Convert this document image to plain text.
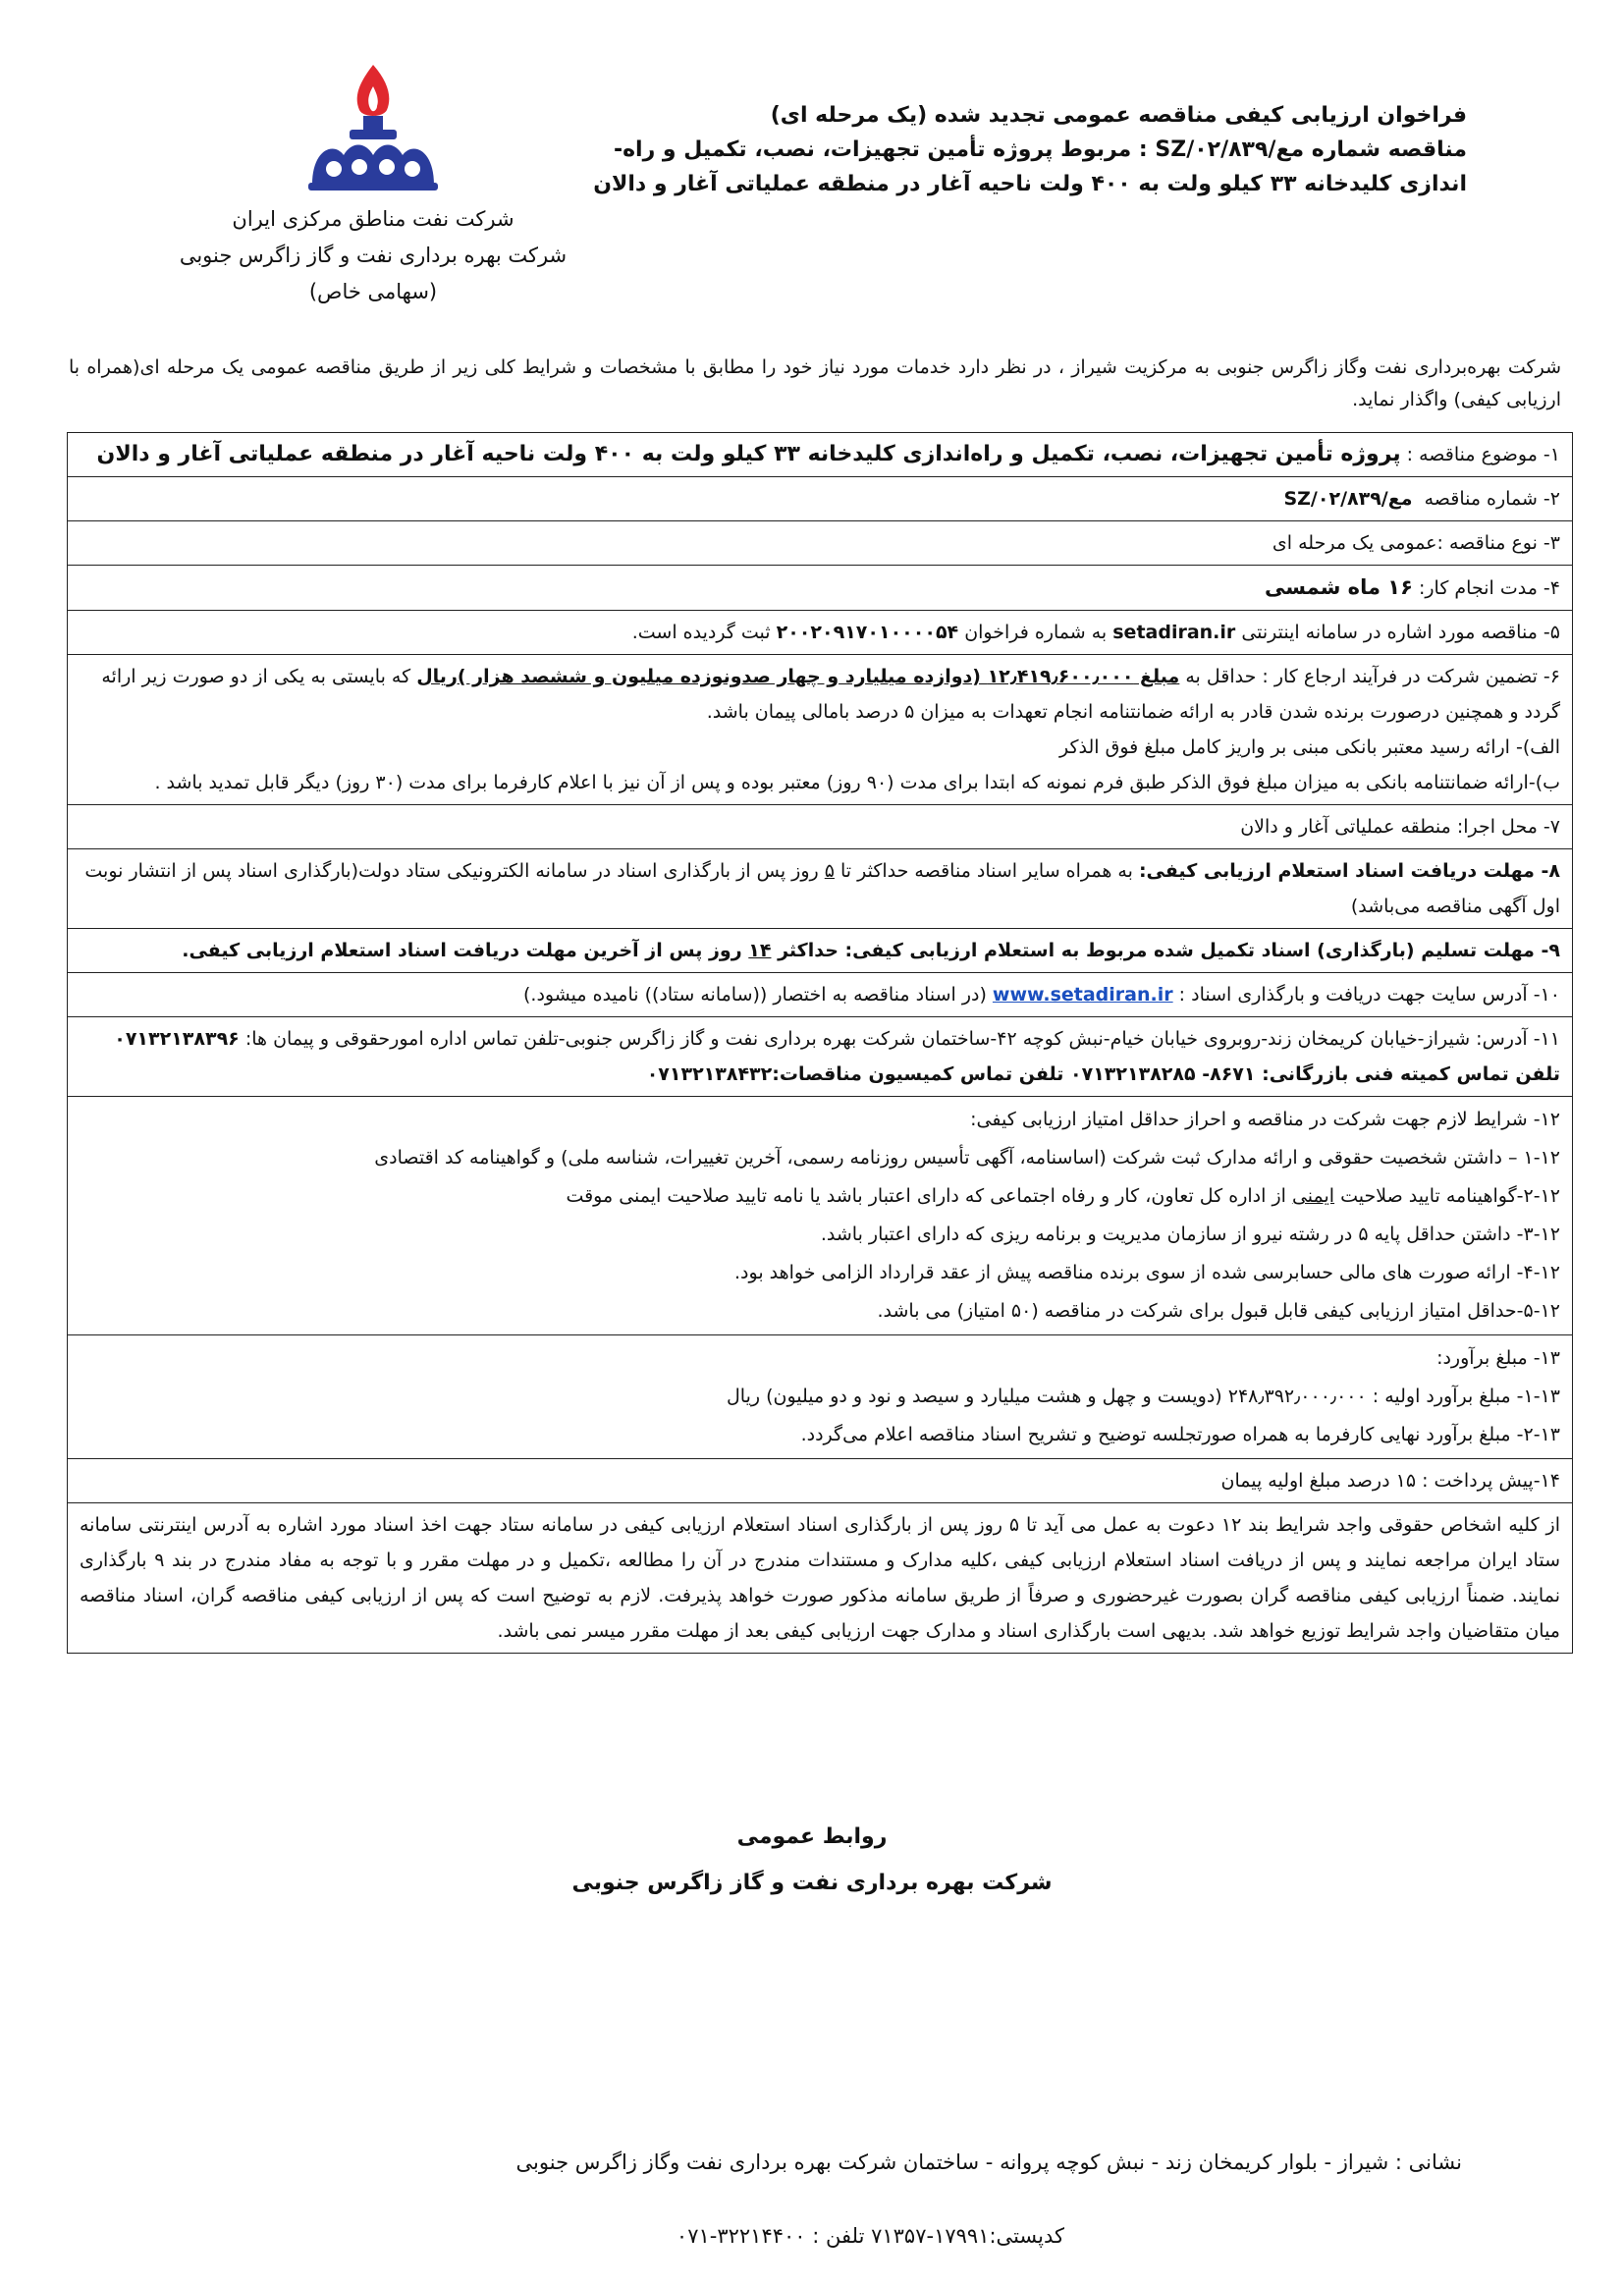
شرکت نفت مناطق مرکزی ایران
شرکت بهره برداری نفت و گاز زاگرس جنوبی
(سهامی خاص)
فراخوان ارزیابی کیفی مناقصه عمومی تجدید شده (یک مرحله ای)
مناقصه شماره مع/SZ/۰۲/۸۳۹ : مربوط پروژه تأمین تجهیزات، نصب، تکمیل و راه-
اندازی کلیدخانه ۳۳ کیلو ولت به ۴۰۰ ولت ناحیه آغار در منطقه عملیاتی آغار و دالان
شرکت بهره‌برداری نفت وگاز زاگرس جنوبی به مرکزیت شیراز ، در نظر دارد خدمات مورد نیاز خود را مطابق با مشخصات و شرایط کلی زیر از طریق مناقصه عمومی یک مرحله ای(همراه با ارزیابی کیفی) واگذار نماید.
۱- موضوع مناقصه : پروژه تأمین تجهیزات، نصب، تکمیل و راه‌اندازی کلیدخانه ۳۳ کیلو ولت به ۴۰۰ ولت ناحیه آغار در منطقه عملیاتی آغار و دالان
۲- شماره مناقصه  مع/SZ/۰۲/۸۳۹
۳- نوع مناقصه :عمومی یک مرحله ای
۴- مدت انجام کار: ۱۶ ماه شمسی
۵- مناقصه مورد اشاره در سامانه اینترنتی setadiran.ir به شماره فراخوان ۲۰۰۲۰۹۱۷۰۱۰۰۰۰۵۴ ثبت گردیده است.
۶- تضمین شرکت در فرآیند ارجاع کار : حداقل به مبلغ ۱۲٫۴۱۹٫۶۰۰٫۰۰۰ (دوازده میلیارد و چهار صدونوزده میلیون و ششصد هزار )ریال که بایستی به یکی از دو صورت زیر ارائه گردد و همچنین درصورت برنده شدن قادر به ارائه ضمانتنامه انجام تعهدات به میزان ۵ درصد بامالی پیمان باشد.
الف)- ارائه رسید معتبر بانکی مبنی بر واریز کامل مبلغ فوق الذکر
ب)-ارائه ضمانتنامه بانکی به میزان مبلغ فوق الذکر طبق فرم نمونه که ابتدا برای مدت (۹۰ روز) معتبر بوده و پس از آن نیز با اعلام کارفرما برای مدت (۳۰ روز) دیگر قابل تمدید باشد .

۷- محل اجرا: منطقه عملیاتی آغار و دالان
۸- مهلت دریافت اسناد استعلام ارزیابی کیفی: به همراه سایر اسناد مناقصه حداکثر تا ۵ روز پس از بارگذاری اسناد در سامانه الکترونیکی ستاد دولت(بارگذاری اسناد پس از انتشار نوبت اول آگهی مناقصه می‌باشد)
۹- مهلت تسلیم (بارگذاری) اسناد تکمیل شده مربوط به استعلام ارزیابی کیفی: حداکثر ۱۴ روز پس از آخرین مهلت دریافت اسناد استعلام ارزیابی کیفی.
۱۰- آدرس سایت جهت دریافت و بارگذاری اسناد : www.setadiran.ir (در اسناد مناقصه به اختصار ((سامانه ستاد)) نامیده میشود.)
۱۱- آدرس: شیراز-خیابان کریمخان زند-روبروی خیابان خیام-نبش کوچه ۴۲-ساختمان شرکت بهره برداری نفت و گاز زاگرس جنوبی-تلفن تماس اداره امورحقوقی و پیمان ها: ۰۷۱۳۲۱۳۸۳۹۶ تلفن تماس کمیته فنی بازرگانی: ۸۶۷۱- ۰۷۱۳۲۱۳۸۲۸۵ تلفن تماس کمیسیون مناقصات:۰۷۱۳۲۱۳۸۴۳۲

۱۲- شرایط لازم جهت شرکت در مناقصه و احراز حداقل امتیاز ارزیابی کیفی:
۱-۱۲ – داشتن شخصیت حقوقی و ارائه مدارک ثبت شرکت (اساسنامه، آگهی تأسیس روزنامه رسمی، آخرین تغییرات، شناسه ملی) و گواهینامه کد اقتصادی
۲-۱۲-گواهینامه تایید صلاحیت ایمنی از اداره کل تعاون، کار و رفاه اجتماعی که دارای اعتبار باشد یا نامه تایید صلاحیت ایمنی موقت
۳-۱۲- داشتن حداقل پایه ۵ در رشته نیرو از سازمان مدیریت و برنامه ریزی که دارای اعتبار باشد.
۴-۱۲- ارائه صورت های مالی حسابرسی شده از سوی برنده مناقصه پیش از عقد قرارداد الزامی خواهد بود.
۵-۱۲-حداقل امتیاز ارزیابی کیفی قابل قبول برای شرکت در مناقصه (۵۰ امتیاز) می باشد.

۱۳- مبلغ برآورد:
۱-۱۳- مبلغ برآورد اولیه : ۲۴۸٫۳۹۲٫۰۰۰٫۰۰۰ (دویست و چهل و هشت میلیارد و سیصد و نود و دو میلیون) ریال
۲-۱۳- مبلغ برآورد نهایی کارفرما به همراه صورتجلسه توضیح و تشریح اسناد مناقصه اعلام می‌گردد.

۱۴-پیش پرداخت : ۱۵ درصد مبلغ اولیه پیمان
از کلیه اشخاص حقوقی واجد شرایط بند ۱۲ دعوت به عمل می آید تا ۵ روز پس از بارگذاری اسناد استعلام ارزیابی کیفی در سامانه ستاد جهت اخذ اسناد مورد اشاره به آدرس اینترنتی سامانه ستاد ایران مراجعه نمایند و پس از دریافت اسناد استعلام ارزیابی کیفی ،کلیه مدارک و مستندات مندرج در آن را مطالعه ،تکمیل و در مهلت مقرر و با توجه به مفاد مندرج در بند ۹ بارگذاری نمایند. ضمناً ارزیابی کیفی مناقصه گران بصورت غیرحضوری و صرفاً از طریق سامانه مذکور صورت خواهد پذیرفت. لازم به توضیح است که پس از ارزیابی کیفی مناقصه گران، اسناد مناقصه میان متقاضیان واجد شرایط توزیع خواهد شد. بدیهی است بارگذاری اسناد و مدارک جهت ارزیابی کیفی بعد از مهلت مقرر میسر نمی باشد.
روابط عمومی
شرکت بهره برداری نفت و گاز زاگرس جنوبی
نشانی : شیراز - بلوار کریمخان زند - نبش کوچه پروانه - ساختمان شرکت بهره برداری نفت وگاز زاگرس جنوبی
کدپستی:۱۷۹۹۱-۷۱۳۵۷ تلفن : ۳۲۲۱۴۴۰۰-۰۷۱
